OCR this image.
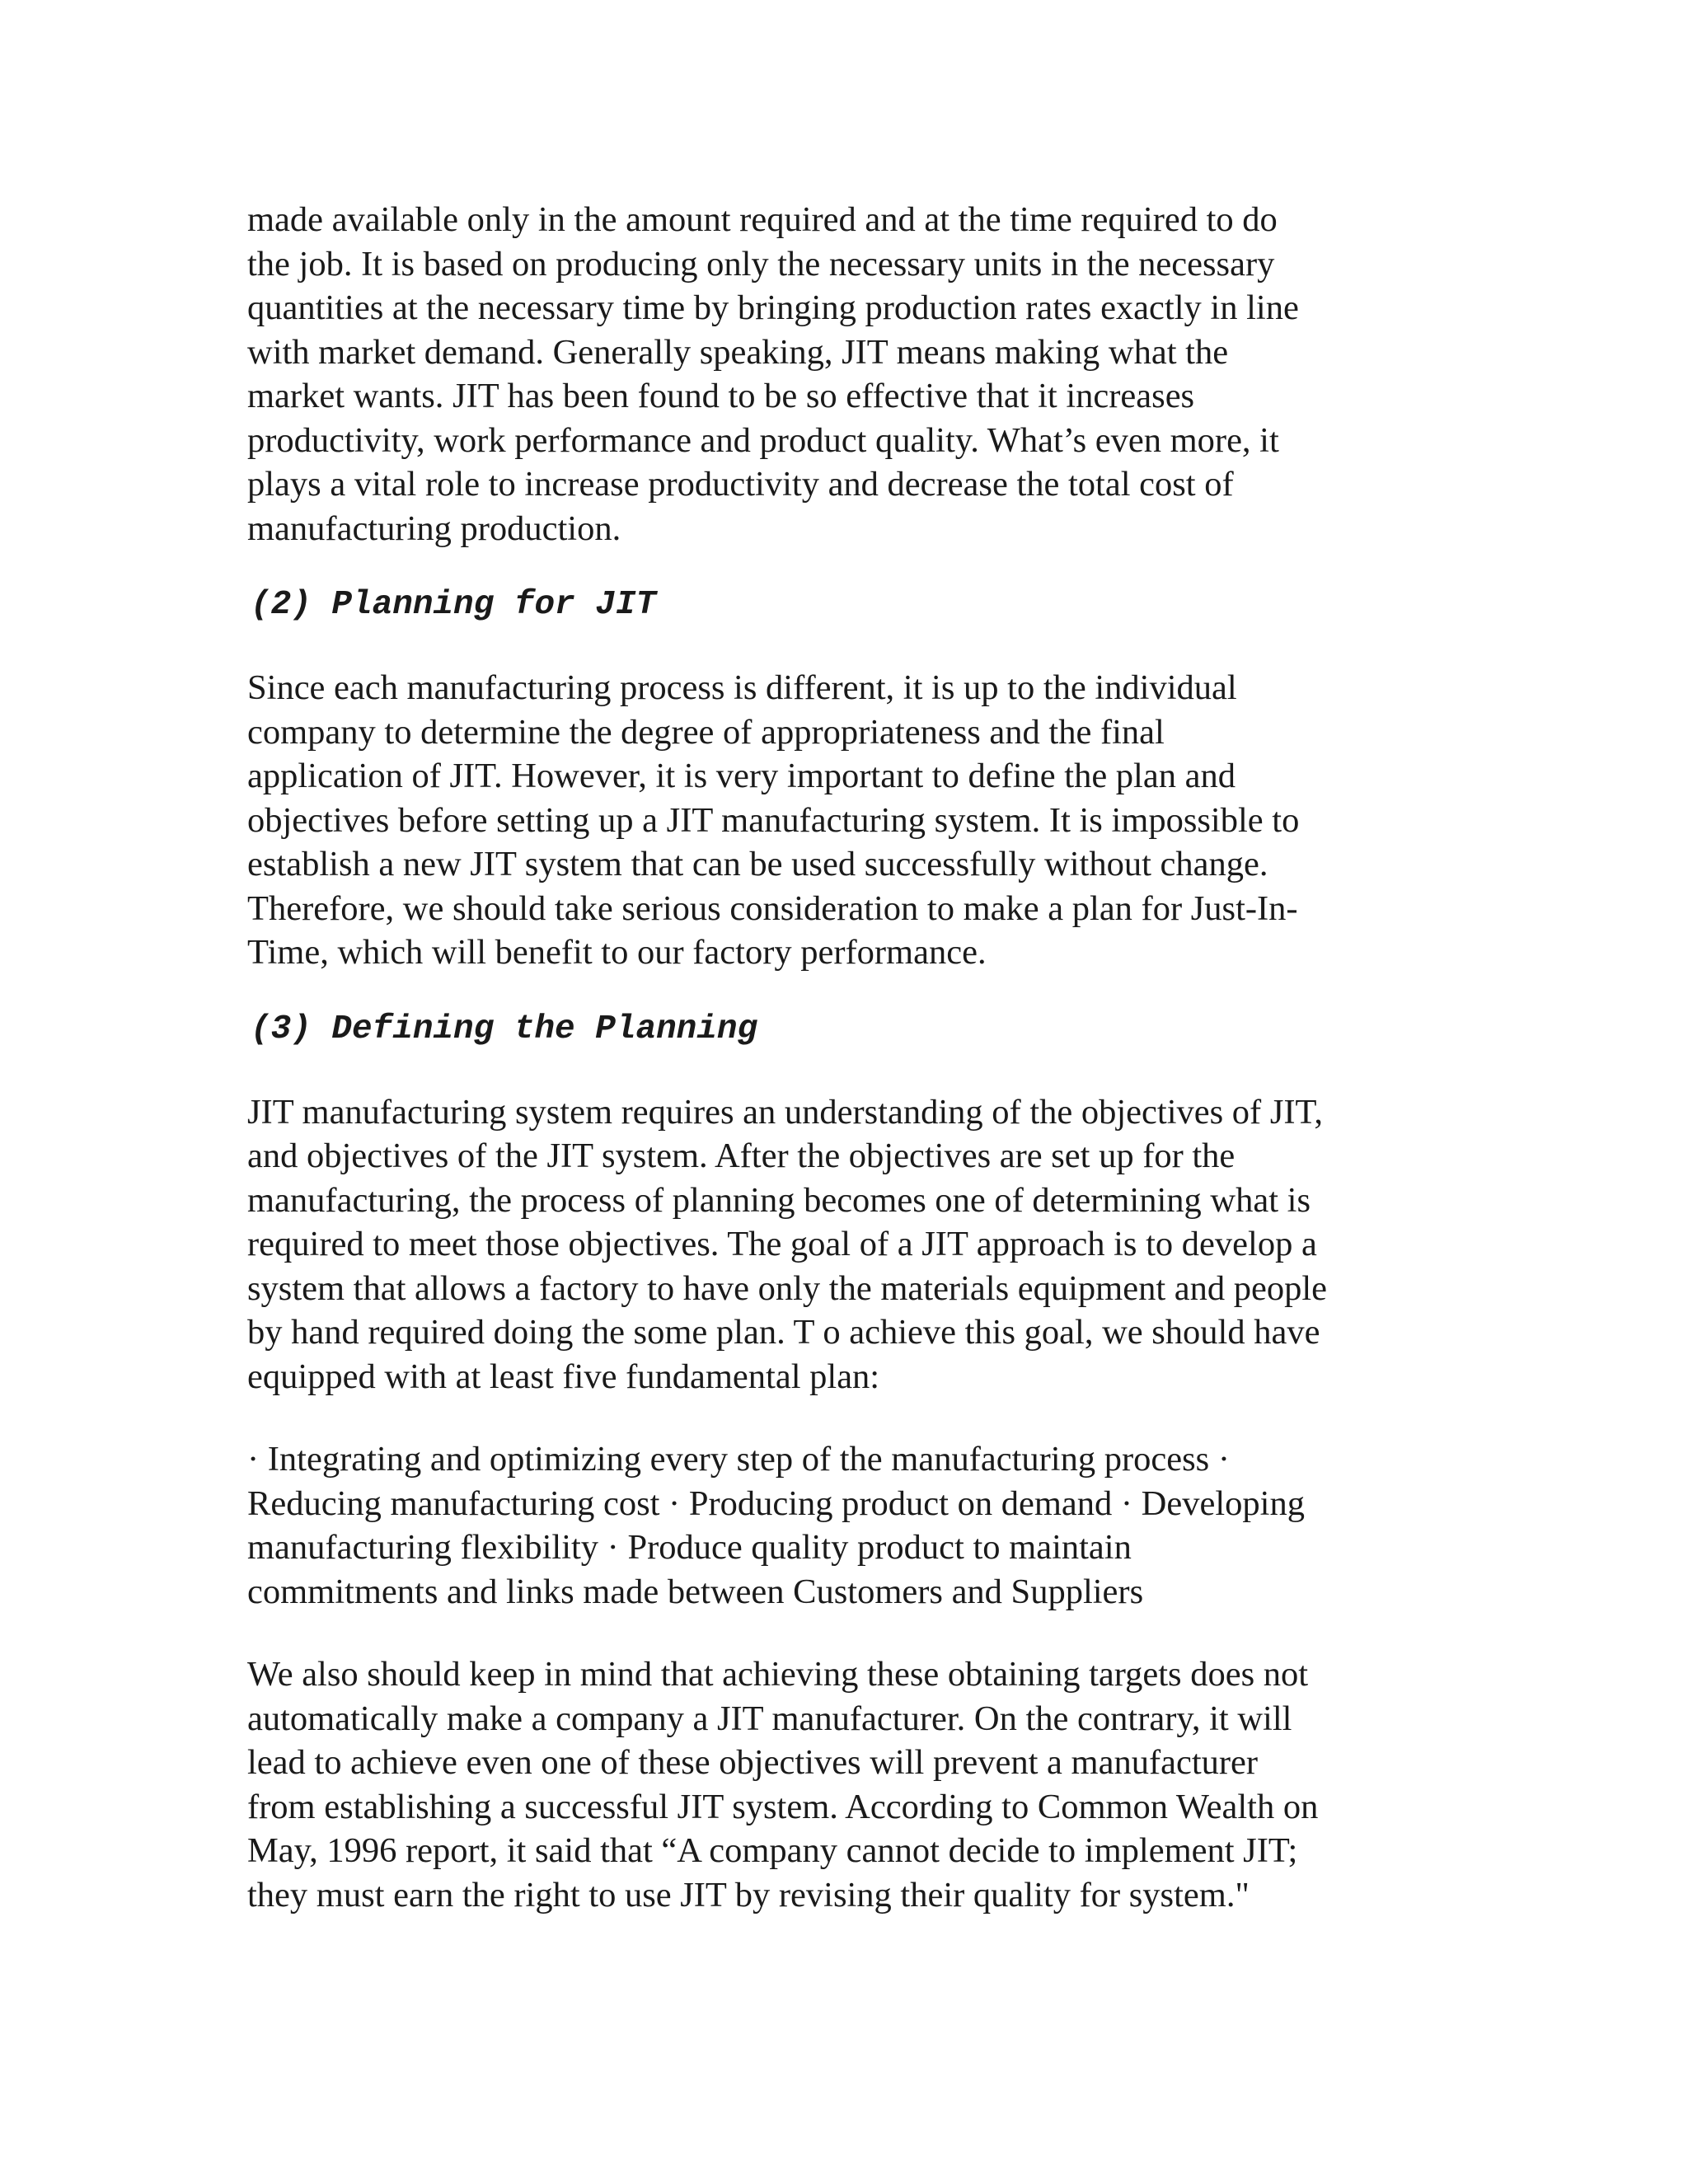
made available only in the amount required and at the time required to do
the job. It is based on producing only the necessary units in the necessary
quantities at the necessary time by bringing production rates exactly in line
with market demand. Generally speaking, JIT means making what the
market wants. JIT has been found to be so effective that it increases
productivity, work performance and product quality. What’s even more, it
plays a vital role to increase productivity and decrease the total cost of
manufacturing production.
(2) Planning for JIT
Since each manufacturing process is different, it is up to the individual
company to determine the degree of appropriateness and the final
application of JIT. However, it is very important to define the plan and
objectives before setting up a JIT manufacturing system. It is impossible to
establish a new JIT system that can be used successfully without change.
Therefore, we should take serious consideration to make a plan for Just-In-
Time, which will benefit to our factory performance.
(3) Defining the Planning
JIT manufacturing system requires an understanding of the objectives of JIT,
and objectives of the JIT system. After the objectives are set up for the
manufacturing, the process of planning becomes one of determining what is
required to meet those objectives. The goal of a JIT approach is to develop a
system that allows a factory to have only the materials equipment and people
by hand required doing the some plan. T o achieve this goal, we should have
equipped with at least five fundamental plan:
· Integrating and optimizing every step of the manufacturing process ·
Reducing manufacturing cost · Producing product on demand · Developing
manufacturing flexibility · Produce quality product to maintain
commitments and links made between Customers and Suppliers
We also should keep in mind that achieving these obtaining targets does not
automatically make a company a JIT manufacturer. On the contrary, it will
lead to achieve even one of these objectives will prevent a manufacturer
from establishing a successful JIT system. According to Common Wealth on
May, 1996 report, it said that “A company cannot decide to implement JIT;
they must earn the right to use JIT by revising their quality for system."
